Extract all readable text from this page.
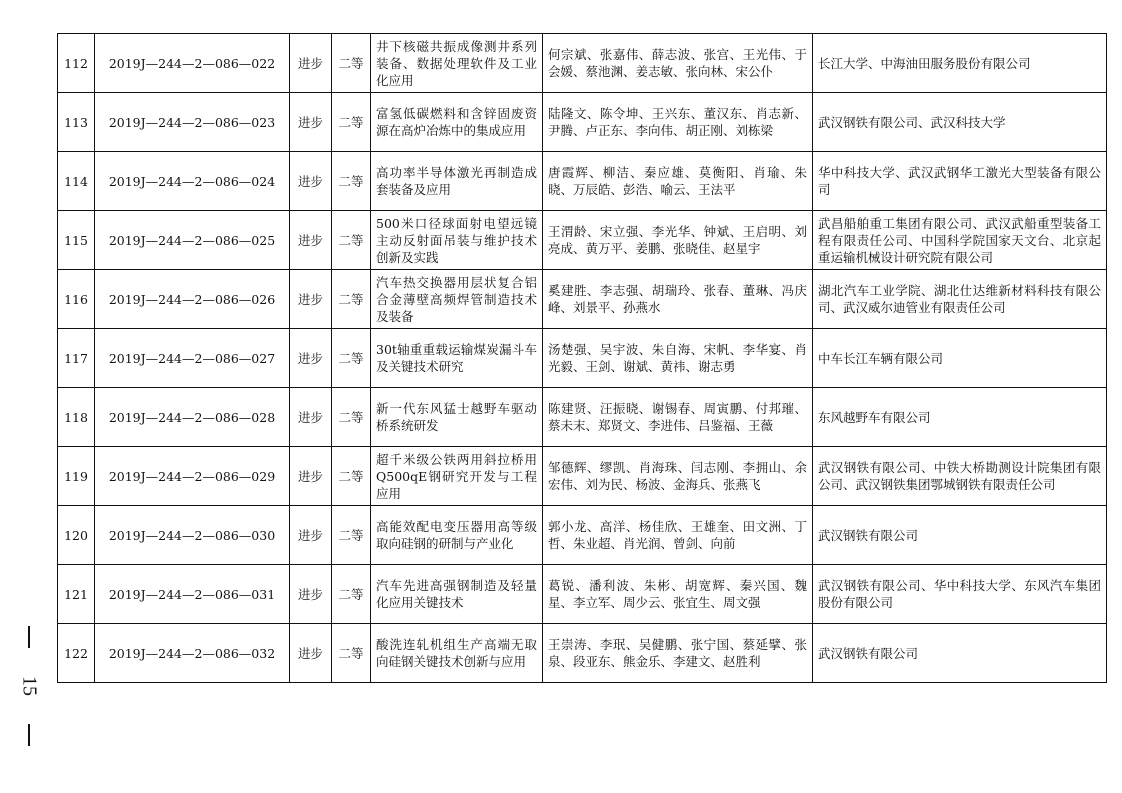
15
112	2019J—244—2—086—022	进步	二等	井下核磁共振成像测井系列装备、数据处理软件及工业化应用	何宗斌、张嘉伟、薛志波、张宫、王光伟、于会媛、蔡池渊、姜志敏、张向林、宋公仆	长江大学、中海油田服务股份有限公司
113	2019J—244—2—086—023	进步	二等	富氢低碳燃料和含锌固废资源在高炉冶炼中的集成应用	陆隆文、陈令坤、王兴东、董汉东、肖志新、尹腾、卢正东、李向伟、胡正刚、刘栋梁	武汉钢铁有限公司、武汉科技大学
114	2019J—244—2—086—024	进步	二等	高功率半导体激光再制造成套装备及应用	唐霞辉、柳洁、秦应雄、莫衡阳、肖瑜、朱晓、万辰皓、彭浩、喻云、王法平	华中科技大学、武汉武钢华工激光大型装备有限公司
115	2019J—244—2—086—025	进步	二等	500米口径球面射电望远镜主动反射面吊装与维护技术创新及实践	王渭龄、宋立强、李光华、钟斌、王启明、刘亮成、黄万平、姜鹏、张晓佳、赵星宇	武昌船舶重工集团有限公司、武汉武船重型装备工程有限责任公司、中国科学院国家天文台、北京起重运输机械设计研究院有限公司
116	2019J—244—2—086—026	进步	二等	汽车热交换器用层状复合铝合金薄壁高频焊管制造技术及装备	奚建胜、李志强、胡瑞玲、张春、董琳、冯庆峰、刘景平、孙燕水	湖北汽车工业学院、湖北仕达维新材料科技有限公司、武汉威尔迪管业有限责任公司
117	2019J—244—2—086—027	进步	二等	30t轴重重载运输煤炭漏斗车及关键技术研究	汤楚强、吴宇波、朱自海、宋帆、李华宴、肖光毅、王剑、谢斌、黄祎、谢志勇	中车长江车辆有限公司
118	2019J—244—2—086—028	进步	二等	新一代东风猛士越野车驱动桥系统研发	陈建贤、汪振晓、谢锡春、周寅鹏、付邦璀、蔡未末、郑贤文、李进伟、吕鉴福、王薇	东风越野车有限公司
119	2019J—244—2—086—029	进步	二等	超千米级公铁两用斜拉桥用Q500qE钢研究开发与工程应用	邹德辉、缪凯、肖海珠、闫志刚、李拥山、余宏伟、刘为民、杨波、金海兵、张燕飞	武汉钢铁有限公司、中铁大桥勘测设计院集团有限公司、武汉钢铁集团鄂城钢铁有限责任公司
120	2019J—244—2—086—030	进步	二等	高能效配电变压器用高等级取向硅钢的研制与产业化	郭小龙、高洋、杨佳欣、王雄奎、田文洲、丁哲、朱业超、肖光润、曾剑、向前	武汉钢铁有限公司
121	2019J—244—2—086—031	进步	二等	汽车先进高强钢制造及轻量化应用关键技术	葛锐、潘利波、朱彬、胡宽辉、秦兴国、魏星、李立军、周少云、张宜生、周文强	武汉钢铁有限公司、华中科技大学、东风汽车集团股份有限公司
122	2019J—244—2—086—032	进步	二等	酸洗连轧机组生产高端无取向硅钢关键技术创新与应用	王崇涛、李珉、吴健鹏、张宁国、蔡延擘、张泉、段亚东、熊金乐、李建文、赵胜利	武汉钢铁有限公司
